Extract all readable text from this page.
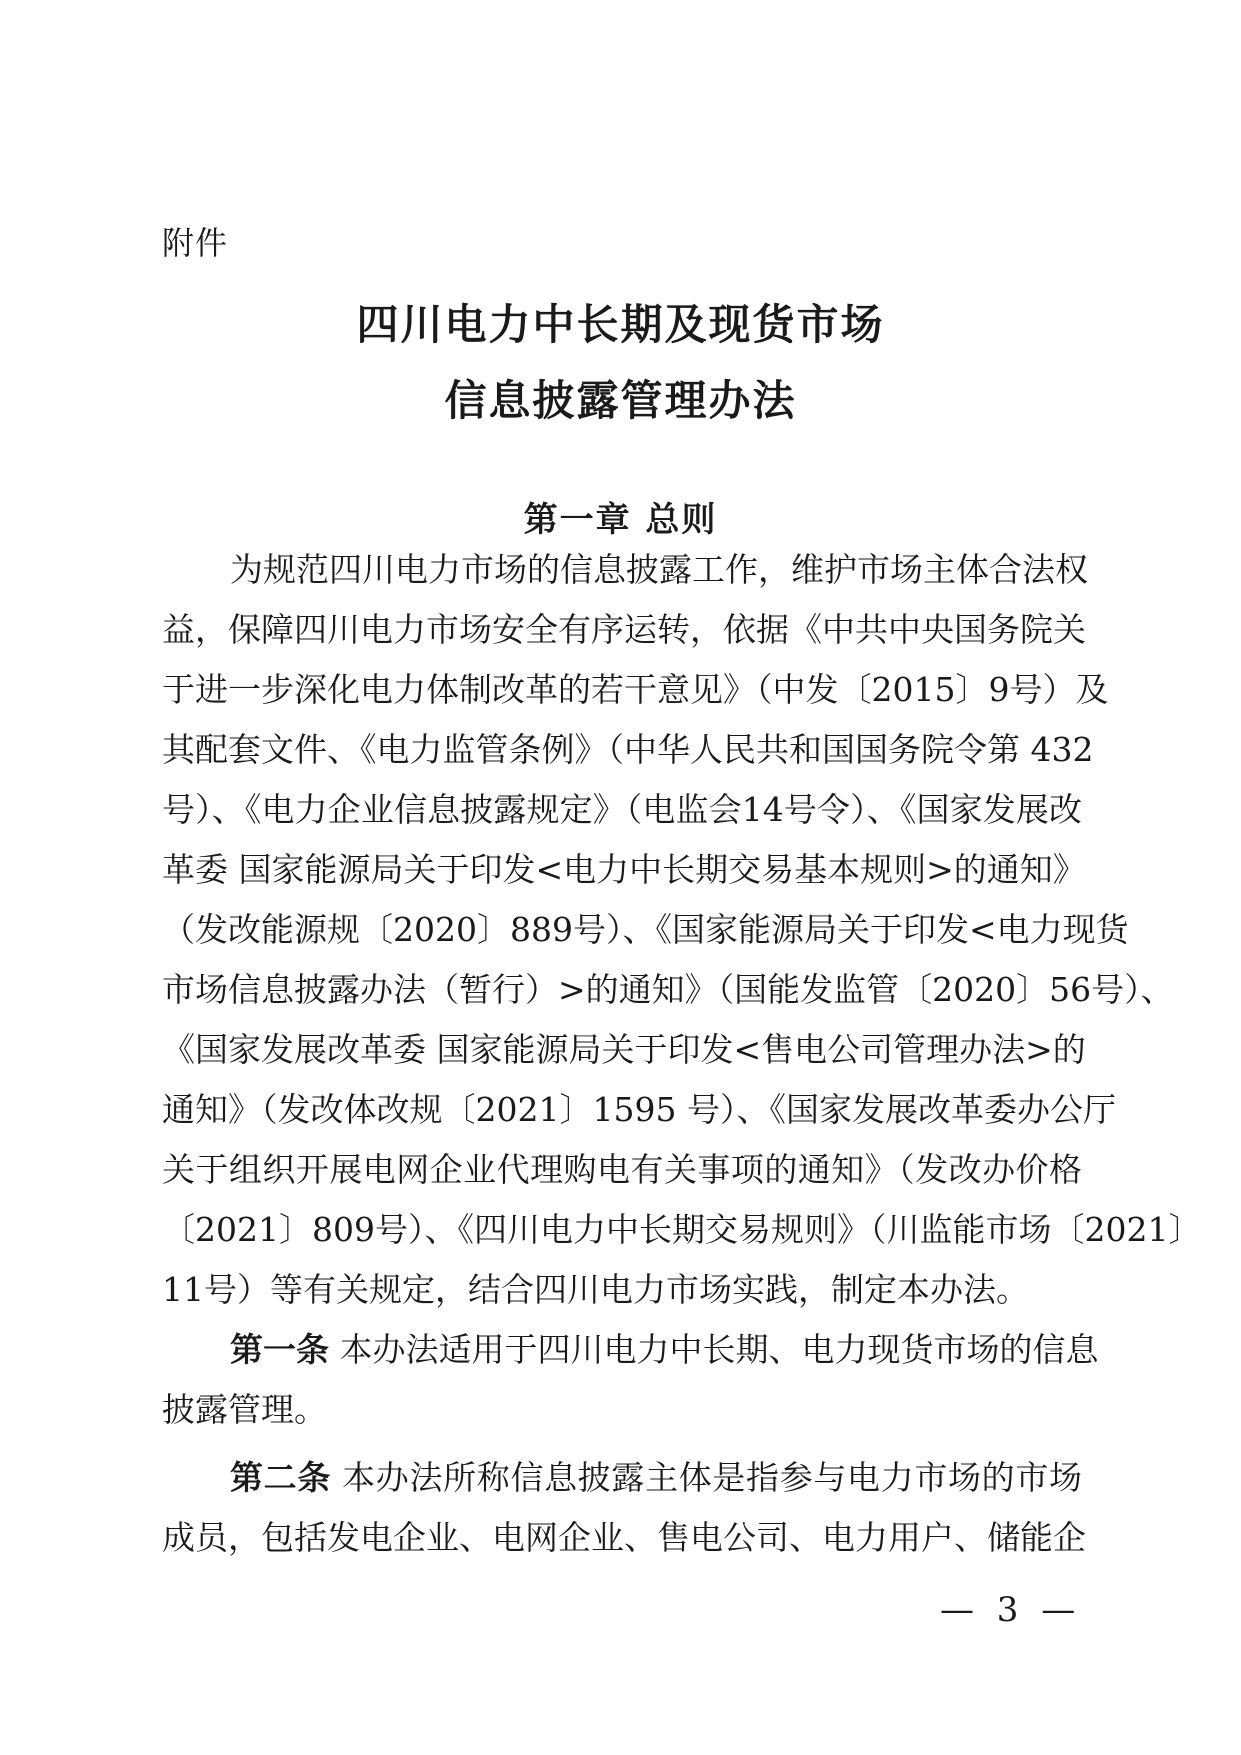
附件
四川电力中长期及现货市场
信息披露管理办法
第一章 总则
为规范四川电力市场的信息披露工作，维护市场主体合法权
益，保障四川电力市场安全有序运转，依据《中共中央国务院关
于进一步深化电力体制改革的若干意见》（中发〔2015〕9号）及
其配套文件、《电力监管条例》（中华人民共和国国务院令第 432
号）、《电力企业信息披露规定》（电监会14号令）、《国家发展改
革委 国家能源局关于印发<电力中长期交易基本规则>的通知》
（发改能源规〔2020〕889号）、《国家能源局关于印发<电力现货
市场信息披露办法（暂行）>的通知》（国能发监管〔2020〕56号）、
《国家发展改革委 国家能源局关于印发<售电公司管理办法>的
通知》（发改体改规〔2021〕1595 号）、《国家发展改革委办公厅
关于组织开展电网企业代理购电有关事项的通知》（发改办价格
〔2021〕809号）、《四川电力中长期交易规则》（川监能市场〔2021〕
11号）等有关规定，结合四川电力市场实践，制定本办法。
第一条 本办法适用于四川电力中长期、电力现货市场的信息
披露管理。
第二条 本办法所称信息披露主体是指参与电力市场的市场
成员，包括发电企业、电网企业、售电公司、电力用户、储能企
— 3 —
